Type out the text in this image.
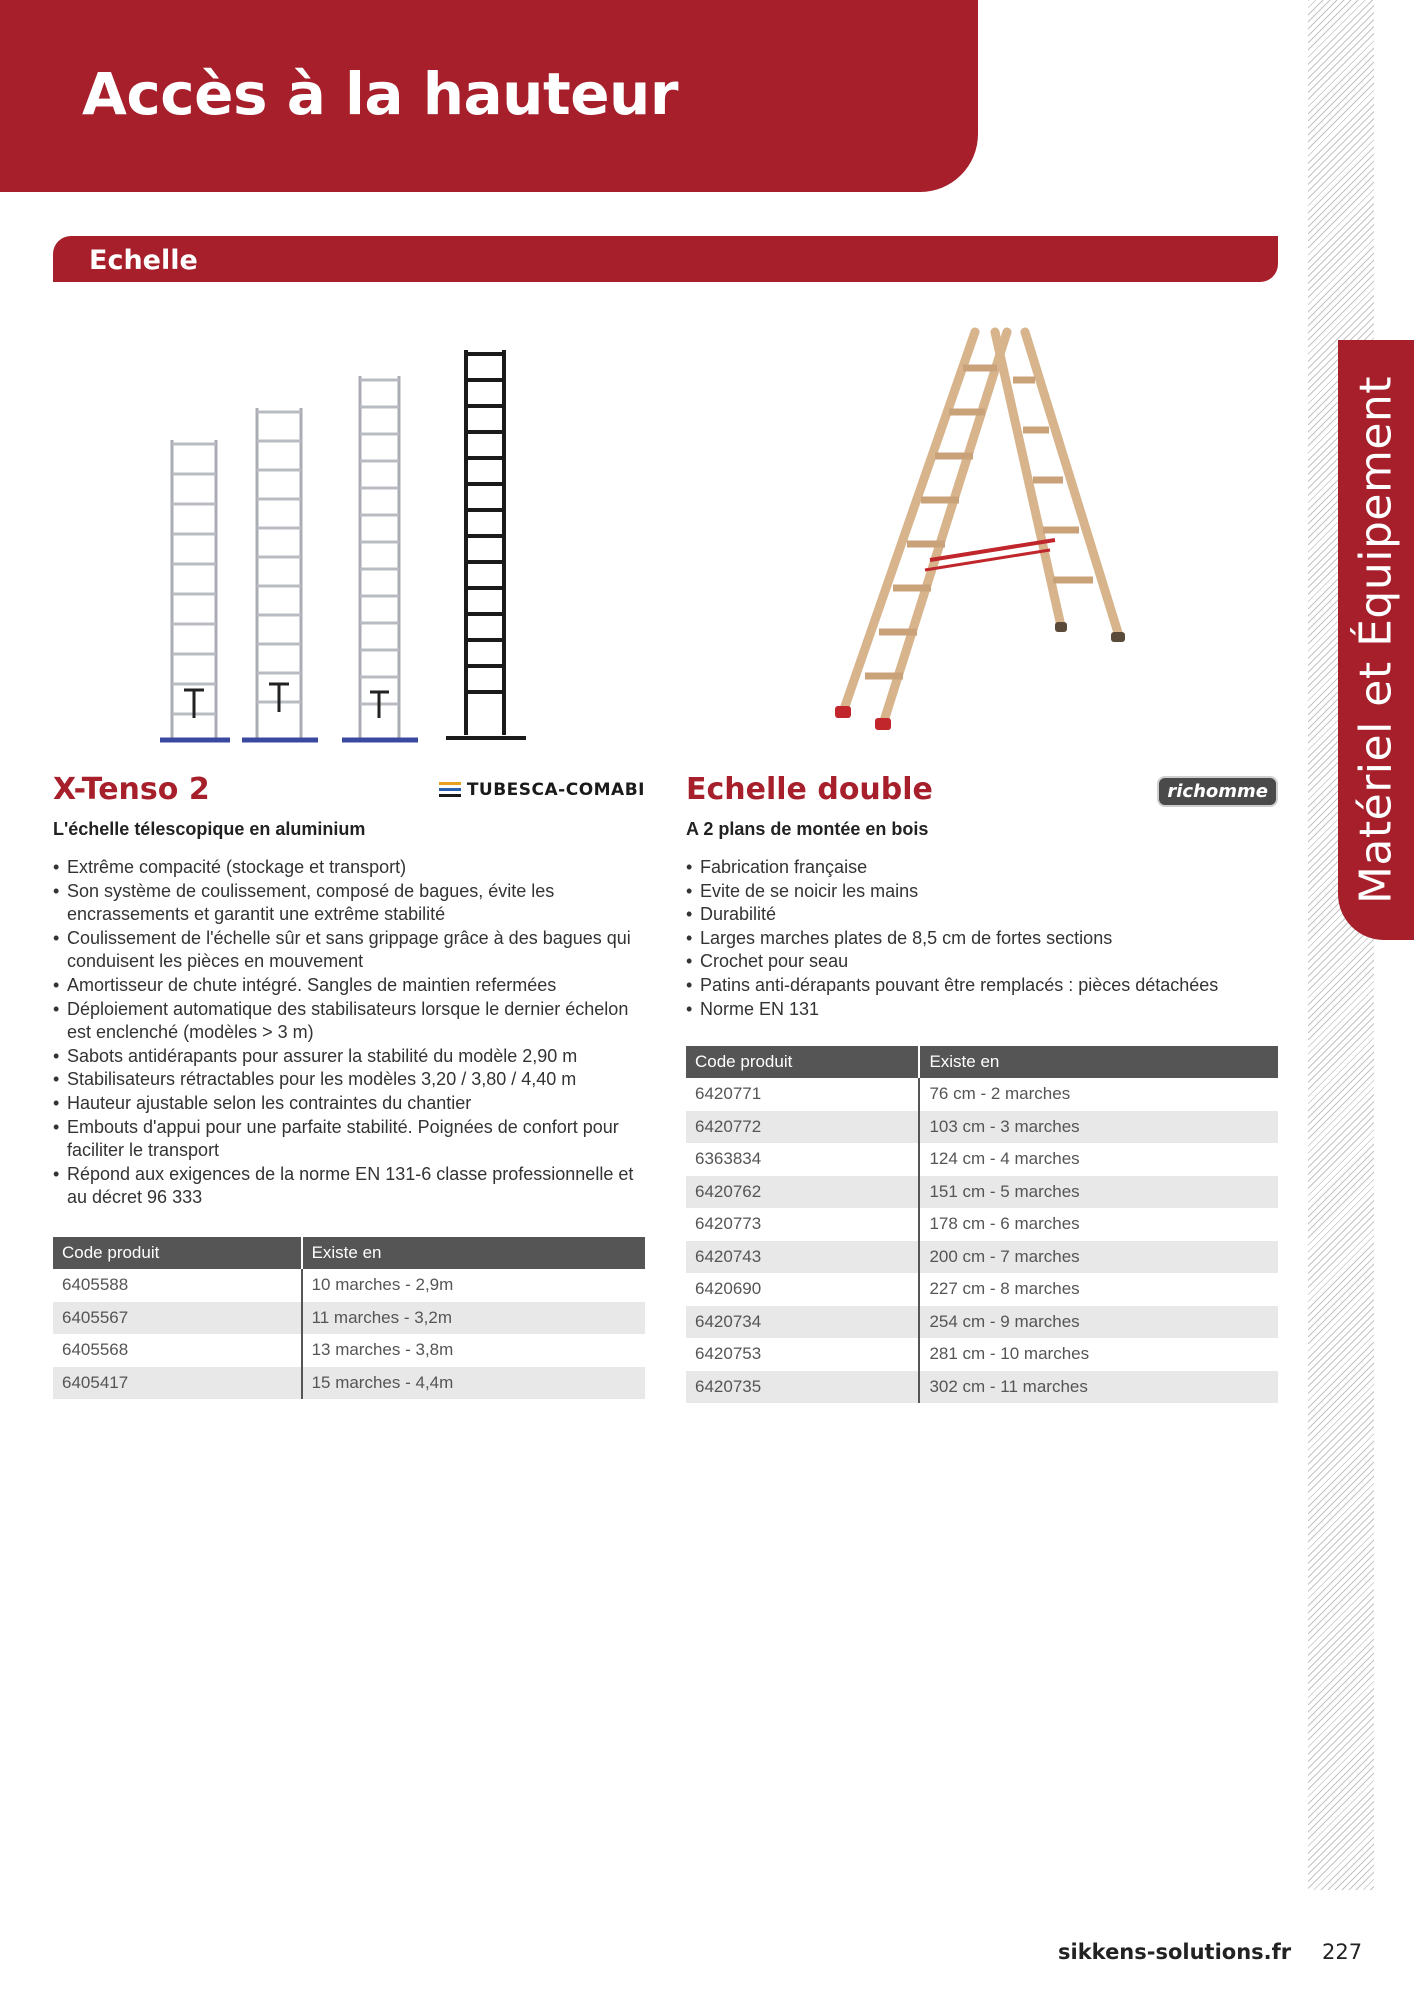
Accès à la hauteur
Matériel et Équipement
Echelle
X-Tenso 2	TUBESCA-COMABI

L'échelle télescopique en aluminium

• Extrême compacité (stockage et transport)
• Son système de coulissement, composé de bagues, évite les encrassements et garantit une extrême stabilité
• Coulissement de l'échelle sûr et sans grippage grâce à des bagues qui conduisent les pièces en mouvement
• Amortisseur de chute intégré. Sangles de maintien refermées
• Déploiement automatique des stabilisateurs lorsque le dernier échelon est enclenché (modèles > 3 m)
• Sabots antidérapants pour assurer la stabilité du modèle 2,90 m
• Stabilisateurs rétractables pour les modèles 3,20 / 3,80 / 4,40 m
• Hauteur ajustable selon les contraintes du chantier
• Embouts d'appui pour une parfaite stabilité. Poignées de confort pour faciliter le transport
• Répond aux exigences de la norme EN 131-6 classe professionnelle et au décret 96 333
Code produit	Existe en
6405588	10 marches - 2,9m
6405567	11 marches - 3,2m
6405568	13 marches - 3,8m
6405417	15 marches - 4,4m
Echelle double	richomme

A 2 plans de montée en bois

• Fabrication française
• Evite de se noicir les mains
• Durabilité
• Larges marches plates de 8,5 cm de fortes sections
• Crochet pour seau
• Patins anti-dérapants pouvant être remplacés : pièces détachées
• Norme EN 131
Code produit	Existe en
6420771	76 cm - 2 marches
6420772	103 cm - 3 marches
6363834	124 cm - 4 marches
6420762	151 cm - 5 marches
6420773	178 cm - 6 marches
6420743	200 cm - 7 marches
6420690	227 cm - 8 marches
6420734	254 cm - 9 marches
6420753	281 cm - 10 marches
6420735	302 cm - 11 marches
sikkens-solutions.fr 227
